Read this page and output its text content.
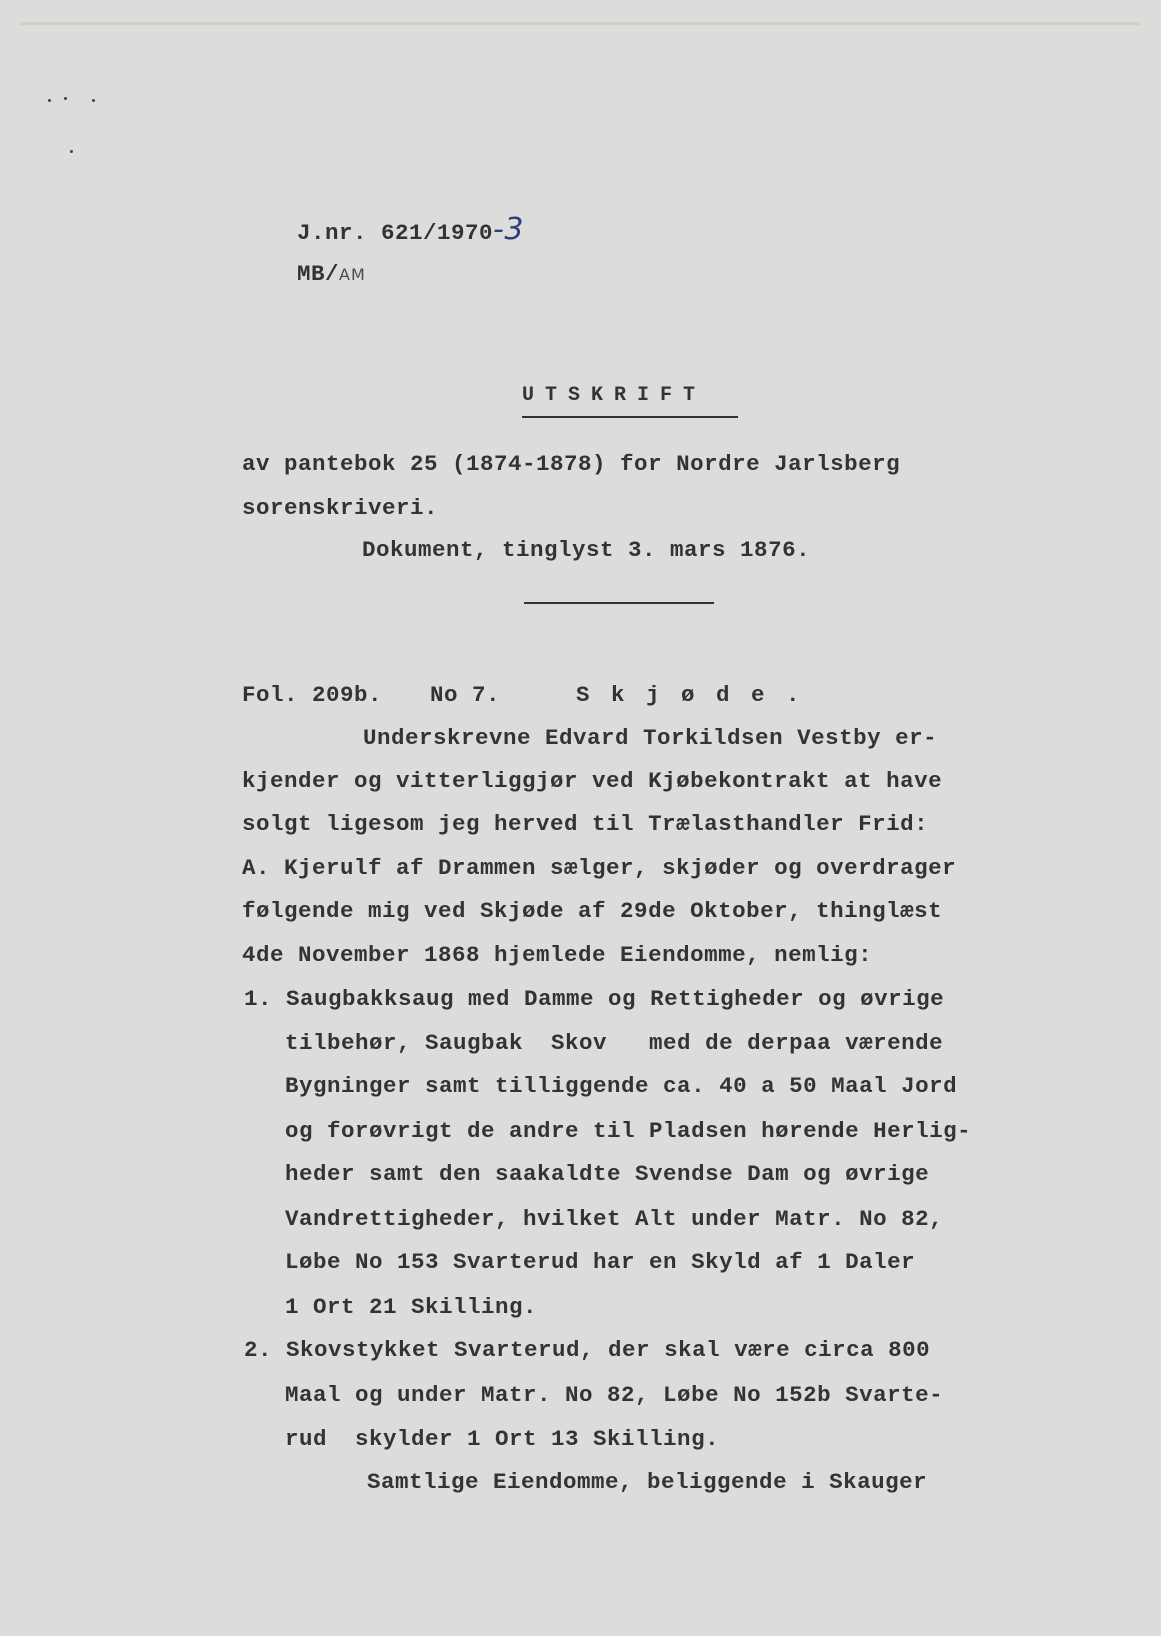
J.nr. 621/1970-3

MB/AM

UTSKRIFT
av pantebok 25 (1874-1878) for Nordre Jarlsberg
sorenskriveri.
Dokument, tinglyst 3. mars 1876.
Fol. 209b. No 7.	S k j ø d e .
Underskrevne Edvard Torkildsen Vestby er-
kjender og vitterliggjør ved Kjøbekontrakt at have
solgt ligesom jeg herved til Trælasthandler Frid:
A. Kjerulf af Drammen sælger, skjøder og overdrager
følgende mig ved Skjøde af 29de Oktober, thinglæst
4de November 1868 hjemlede Eiendomme, nemlig:
1. Saugbakksaug med Damme og Rettigheder og øvrige
tilbehør, Saugbak  Skov   med de derpaa værende
Bygninger samt tilliggende ca. 40 a 50 Maal Jord
og forøvrigt de andre til Pladsen hørende Herlig-
heder samt den saakaldte Svendse Dam og øvrige
Vandrettigheder, hvilket Alt under Matr. No 82,
Løbe No 153 Svarterud har en Skyld af 1 Daler
1 Ort 21 Skilling.
2. Skovstykket Svarterud, der skal være circa 800
Maal og under Matr. No 82, Løbe No 152b Svarte-
rud  skylder 1 Ort 13 Skilling.
Samtlige Eiendomme, beliggende i Skauger
